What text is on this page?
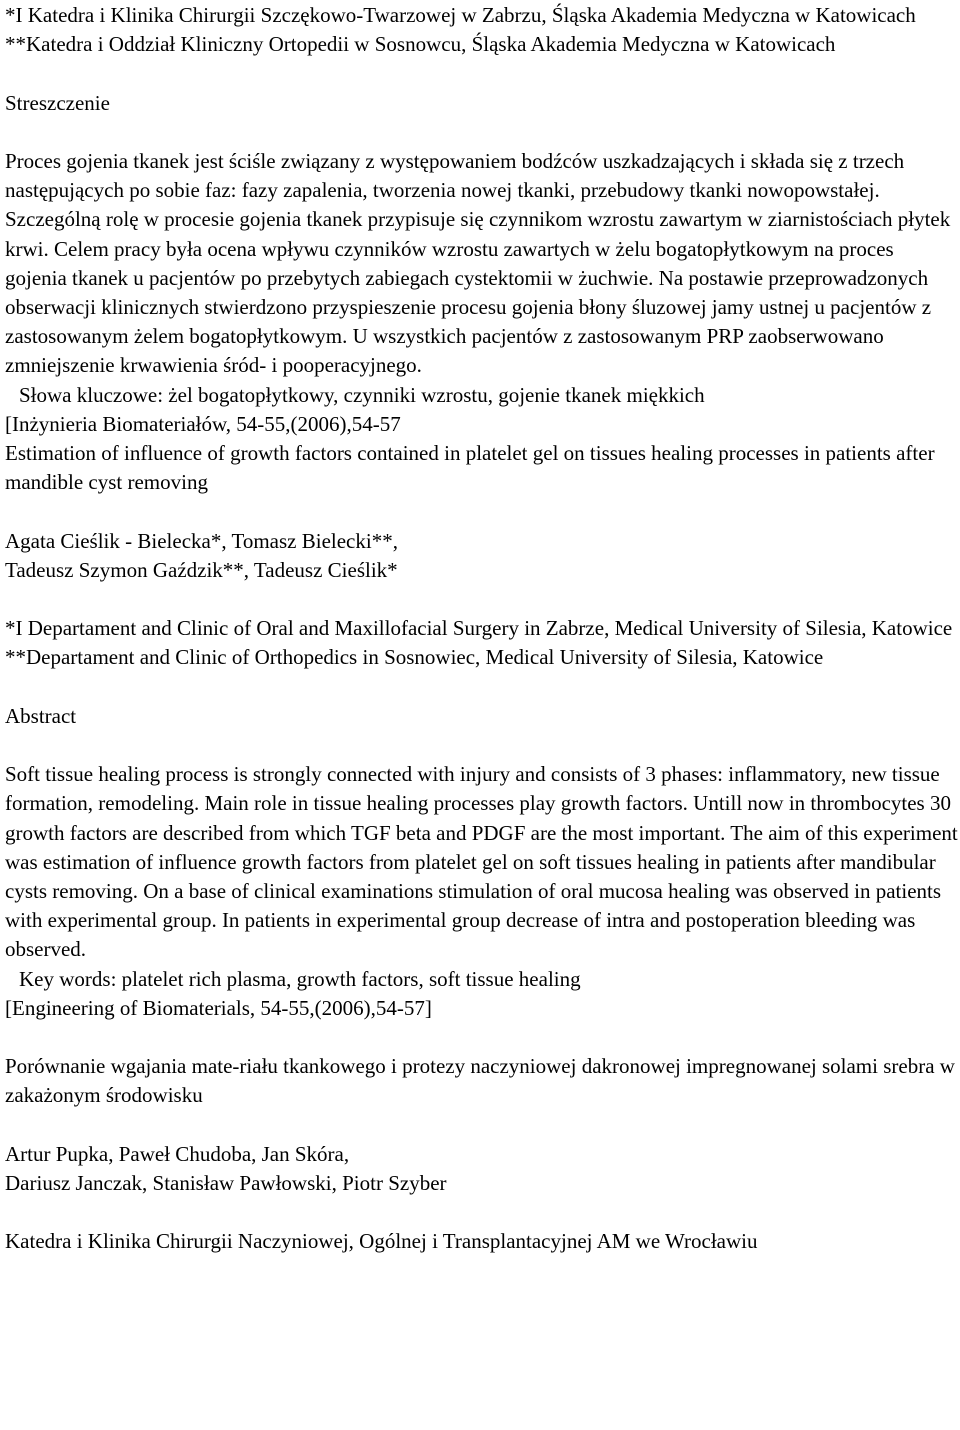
*I Katedra i Klinika Chirurgii Szczękowo-Twarzowej w Zabrzu, Śląska Akademia Medyczna w Katowicach

**Katedra i Oddział Kliniczny Ortopedii w Sosnowcu, Śląska Akademia Medyczna w Katowicach

Streszczenie

Proces gojenia tkanek jest ściśle związany z występowaniem bodźców uszkadzających i składa się z trzech następujących po sobie faz: fazy zapalenia, tworzenia nowej tkanki, przebudowy tkanki nowopowstałej. Szczególną rolę w procesie gojenia tkanek przypisuje się czynnikom wzrostu zawartym w ziarnistościach płytek krwi. Celem pracy była ocena wpływu czynników wzrostu zawartych w żelu bogatopłytkowym na proces gojenia tkanek u pacjentów po przebytych zabiegach cystektomii w żuchwie. Na postawie przeprowadzonych obserwacji klinicznych stwierdzono przyspieszenie procesu gojenia błony śluzowej jamy ustnej u pacjentów z zastosowanym żelem bogatopłytkowym. U wszystkich pacjentów z zastosowanym PRP zaobserwowano zmniejszenie krwawienia śród- i pooperacyjnego.

Słowa kluczowe: żel bogatopłytkowy, czynniki wzrostu, gojenie tkanek miękkich

[Inżynieria Biomateriałów, 54-55,(2006),54-57

Estimation of influence of growth factors contained in platelet gel on tissues healing processes in patients after mandible cyst removing

Agata Cieślik - Bielecka*, Tomasz Bielecki**,

Tadeusz Szymon Gaździk**, Tadeusz Cieślik*

*I Departament and Clinic of Oral and Maxillofacial Surgery in Zabrze, Medical University of Silesia, Katowice

**Departament and Clinic of Orthopedics in Sosnowiec, Medical University of Silesia, Katowice

Abstract

Soft tissue healing process is strongly connected with injury and consists of 3 phases: inflammatory, new tissue formation, remodeling. Main role in tissue healing processes play growth factors. Untill now in thrombocytes 30 growth factors are described from which TGF beta and PDGF are the most important. The aim of this experiment was estimation of influence growth factors from platelet gel on soft tissues healing in patients after mandibular cysts removing. On a base of clinical examinations stimulation of oral mucosa healing was observed in patients with experimental group. In patients in experimental group decrease of intra and postoperation bleeding was observed.

Key words: platelet rich plasma, growth factors, soft tissue healing

[Engineering of Biomaterials, 54-55,(2006),54-57]

Porównanie wgajania mate-riału tkankowego i protezy naczyniowej dakronowej impregnowanej solami srebra w zakażonym środowisku

Artur Pupka, Paweł Chudoba, Jan Skóra,

Dariusz Janczak, Stanisław Pawłowski, Piotr Szyber

Katedra i Klinika Chirurgii Naczyniowej, Ogólnej i Transplantacyjnej AM we Wrocławiu
